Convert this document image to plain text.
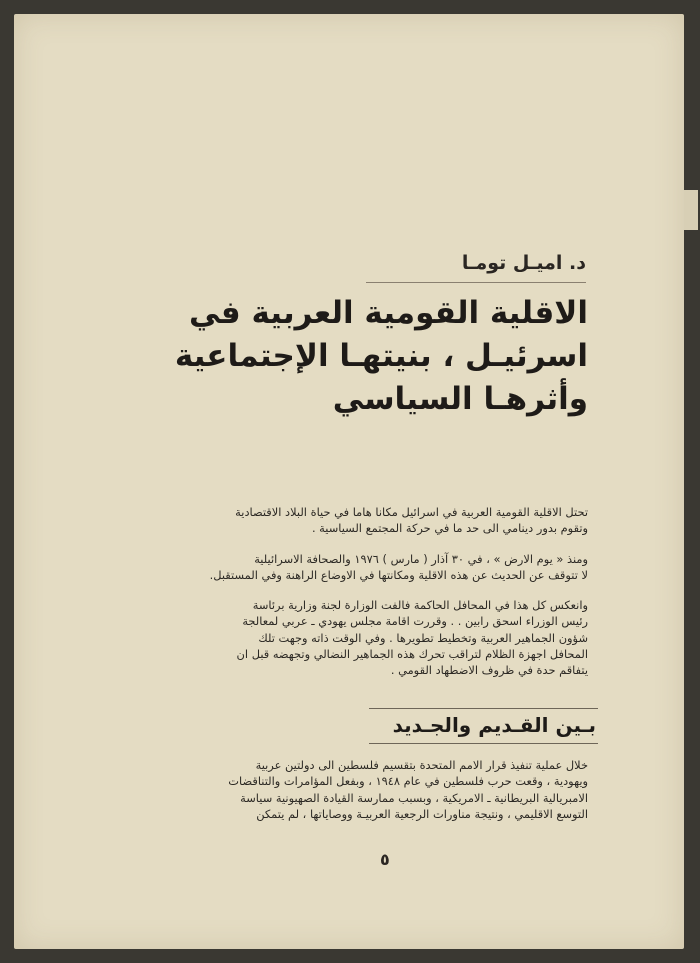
د. اميـل تومـا
الاقلية القومية العربية في
اسرئيـل ، بنيتهـا الإجتماعية
وأثرهـا السياسي
تحتل الاقلية القومية العربية في اسرائيل مكانا هاما في حياة البلاد الاقتصادية
وتقوم بدور دينامي الى حد ما في حركة المجتمع السياسية .
ومنذ « يوم الارض » ، في ٣٠ آذار ( مارس ) ١٩٧٦ والصحافة الاسرائيلية
لا تتوقف عن الحديث عن هذه الاقلية ومكانتها في الاوضاع الراهنة وفي المستقبل.
وانعكس كل هذا في المحافل الحاكمة فالفت الوزارة لجنة وزارية برئاسة
رئيس الوزراء اسحق رابين . . وقررت اقامة مجلس يهودي ـ عربي لمعالجة
شؤون الجماهير العربية وتخطيط تطويرها . وفي الوقت ذاته وجهت تلك
المحافل اجهزة الظلام لتراقب تحرك هذه الجماهير النضالي وتجهضه قبل ان
يتفاقم حدة في ظروف الاضطهاد القومي .
بـين القـديم والجـديد
خلال عملية تنفيذ قرار الامم المتحدة بتقسيم فلسطين الى دولتين عربية
ويهودية ، وقعت حرب فلسطين في عام ١٩٤٨ ، وبفعل المؤامرات والتناقضات
الامبريالية البريطانية ـ الامريكية ، وبسبب ممارسة القيادة الصهيونية سياسة
التوسع الاقليمي ، ونتيجة مناورات الرجعية العربيـة ووصاياتها ، لم يتمكن
٥
